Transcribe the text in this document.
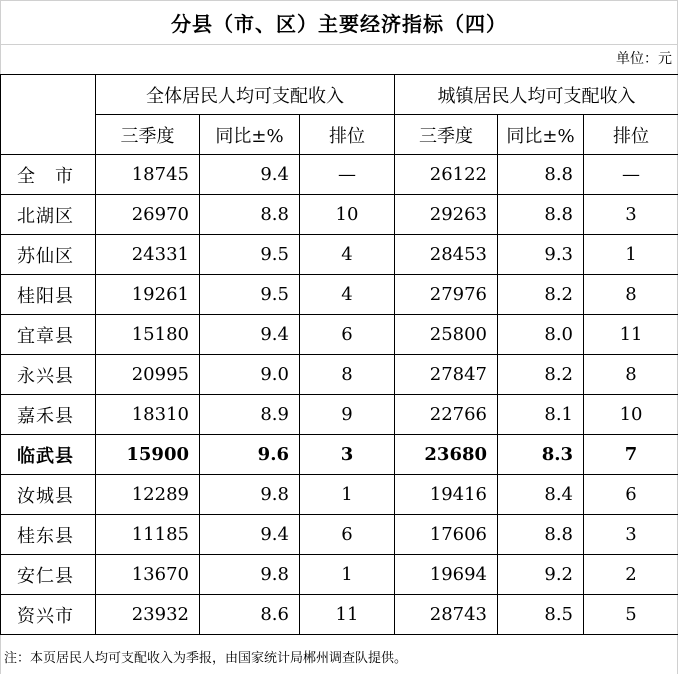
分县（市、区）主要经济指标（四）
单位：元
	全体居民人均可支配收入			城镇居民人均可支配收入		
	三季度	同比±%	排位	三季度	同比±%	排位
全　市	18745	9.4	—	26122	8.8	—
北湖区	26970	8.8	10	29263	8.8	3
苏仙区	24331	9.5	4	28453	9.3	1
桂阳县	19261	9.5	4	27976	8.2	8
宜章县	15180	9.4	6	25800	8.0	11
永兴县	20995	9.0	8	27847	8.2	8
嘉禾县	18310	8.9	9	22766	8.1	10
临武县	15900	9.6	3	23680	8.3	7
汝城县	12289	9.8	1	19416	8.4	6
桂东县	11185	9.4	6	17606	8.8	3
安仁县	13670	9.8	1	19694	9.2	2
资兴市	23932	8.6	11	28743	8.5	5
注：本页居民人均可支配收入为季报，由国家统计局郴州调查队提供。
